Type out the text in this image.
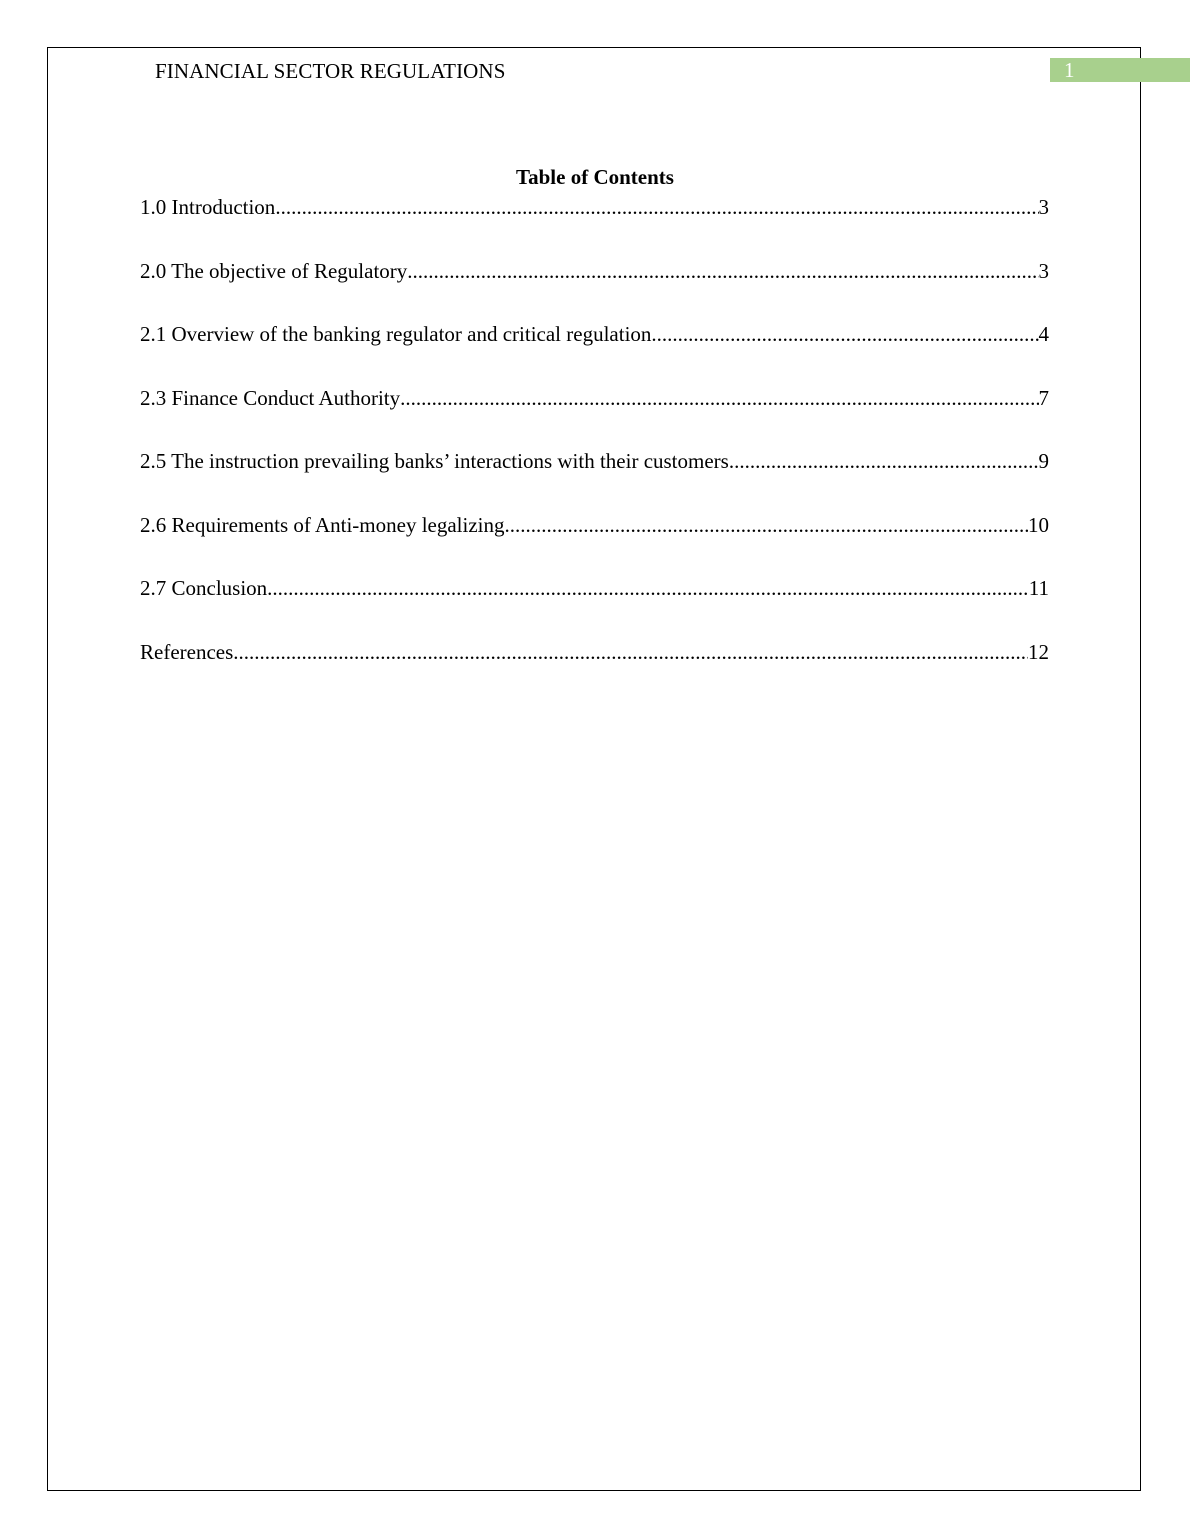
FINANCIAL SECTOR REGULATIONS	1
Table of Contents
1.0 Introduction .....	3
2.0 The objective of Regulatory .....	3
2.1 Overview of the banking regulator and critical regulation .....	4
2.3 Finance Conduct Authority .....	7
2.5 The instruction prevailing banks’ interactions with their customers .....	9
2.6 Requirements of Anti-money legalizing .....	10
2.7 Conclusion .....	11
References .....	12
